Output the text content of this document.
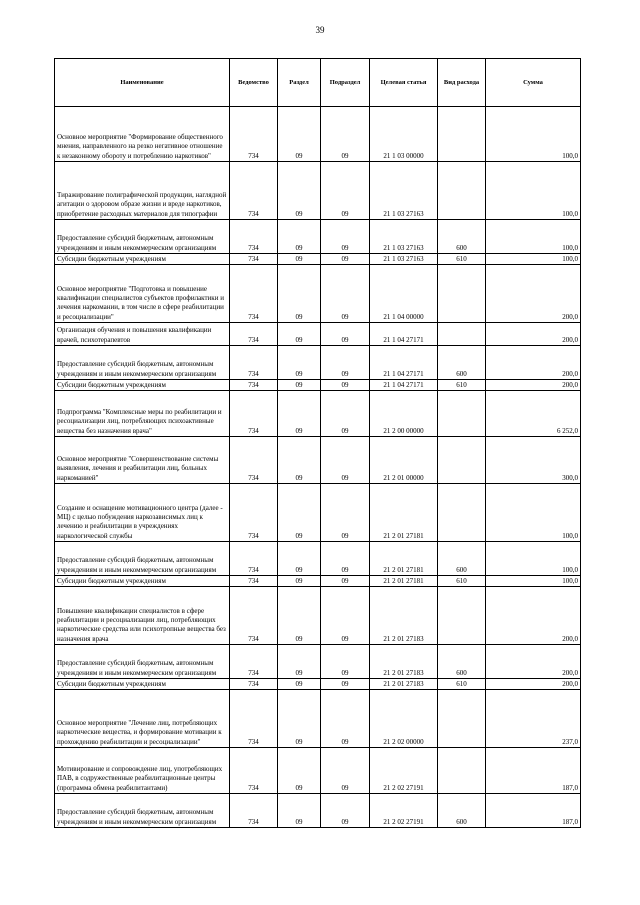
39
Наименование	Ведомство	Раздел	Подраздел	Целевая статья	Вид расхода	Сумма
Основное мероприятие "Формирование общественного мнения, направленного на резко негативное отношение к незаконному обороту и потреблению наркотиков"	734	09	09	21 1 03 00000		100,0
Тиражирование полиграфической продукции, наглядной агитации о здоровом образе жизни и вреде наркотиков, приобретение расходных материалов для типографии	734	09	09	21 1 03 27163		100,0
Предоставление субсидий бюджетным, автономным учреждениям и иным некоммерческим организациям	734	09	09	21 1 03 27163	600	100,0
Субсидии бюджетным учреждениям	734	09	09	21 1 03 27163	610	100,0
Основное мероприятие "Подготовка и повышение квалификации специалистов субъектов профилактики и лечения наркомании, в том числе в сфере реабилитации и ресоциализации"	734	09	09	21 1 04 00000		200,0
Организация обучения и повышения квалификации врачей, психотерапевтов	734	09	09	21 1 04 27171		200,0
Предоставление субсидий бюджетным, автономным учреждениям и иным некоммерческим организациям	734	09	09	21 1 04 27171	600	200,0
Субсидии бюджетным учреждениям	734	09	09	21 1 04 27171	610	200,0
Подпрограмма "Комплексные меры по реабилитации и ресоциализации лиц, потребляющих психоактивные вещества без назначения врача"	734	09	09	21 2 00 00000		6 252,0
Основное мероприятие "Совершенствование системы выявления, лечения и реабилитации лиц, больных наркоманией"	734	09	09	21 2 01 00000		300,0
Создание и оснащение мотивационного центра (далее - МЦ) с целью побуждения наркозависимых лиц к лечению и реабилитации в учреждениях наркологической службы	734	09	09	21 2 01 27181		100,0
Предоставление субсидий бюджетным, автономным учреждениям и иным некоммерческим организациям	734	09	09	21 2 01 27181	600	100,0
Субсидии бюджетным учреждениям	734	09	09	21 2 01 27181	610	100,0
Повышение квалификации специалистов в сфере реабилитации и ресоциализации лиц, потребляющих наркотические средства или психотропные вещества без назначения врача	734	09	09	21 2 01 27183		200,0
Предоставление субсидий бюджетным, автономным учреждениям и иным некоммерческим организациям	734	09	09	21 2 01 27183	600	200,0
Субсидии бюджетным учреждениям	734	09	09	21 2 01 27183	610	200,0
Основное мероприятие "Лечение лиц, потребляющих наркотические вещества, и формирование мотивации к прохождению реабилитации и ресоциализации"	734	09	09	21 2 02 00000		237,0
Мотивирование и сопровождение лиц, употребляющих ПАВ, в содружественные реабилитационные центры (программа обмена реабилитантами)	734	09	09	21 2 02 27191		187,0
Предоставление субсидий бюджетным, автономным учреждениям и иным некоммерческим организациям	734	09	09	21 2 02 27191	600	187,0
